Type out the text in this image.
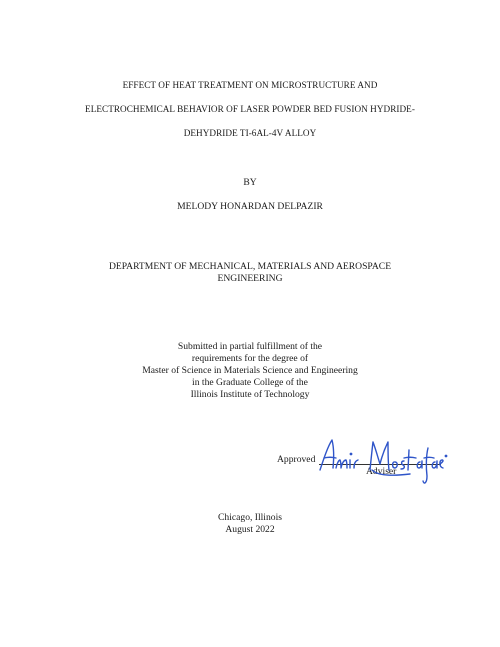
EFFECT OF HEAT TREATMENT ON MICROSTRUCTURE AND
ELECTROCHEMICAL BEHAVIOR OF LASER POWDER BED FUSION HYDRIDE-
DEHYDRIDE TI-6AL-4V ALLOY
BY
MELODY HONARDAN DELPAZIR
DEPARTMENT OF MECHANICAL, MATERIALS AND AEROSPACE
ENGINEERING
Submitted in partial fulfillment of the
requirements for the degree of
Master of Science in Materials Science and Engineering
in the Graduate College of the
Illinois Institute of Technology
Approved
Adviser
Chicago, Illinois
August 2022
